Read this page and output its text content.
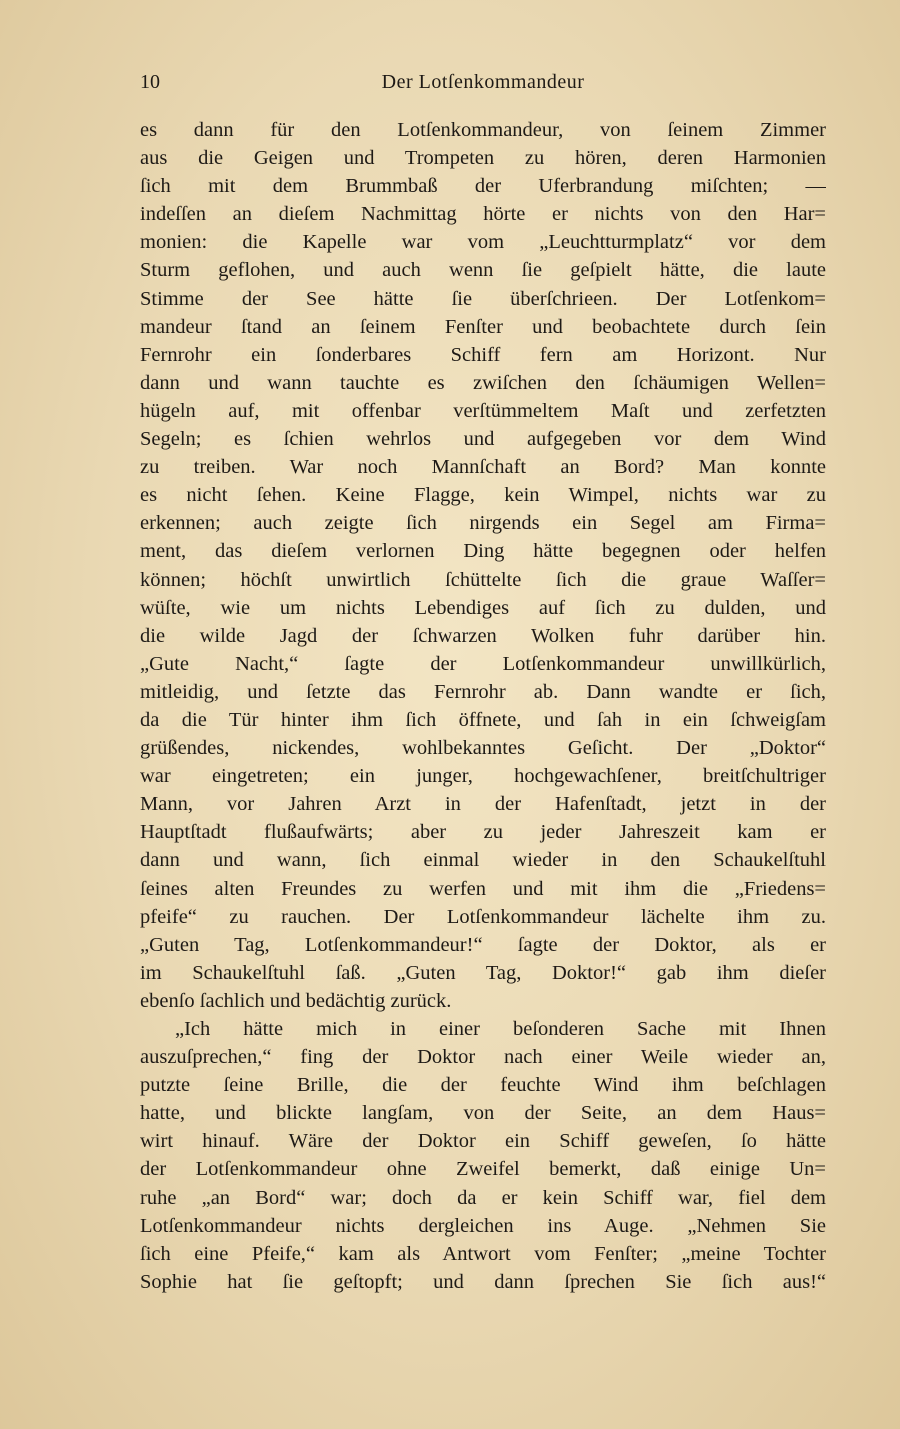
10	Der Lotſenkommandeur
es dann für den Lotſenkommandeur, von ſeinem Zimmer
aus die Geigen und Trompeten zu hören, deren Harmonien
ſich mit dem Brummbaß der Uferbrandung miſchten; —
indeſſen an dieſem Nachmittag hörte er nichts von den Har=
monien: die Kapelle war vom „Leuchtturmplatz“ vor dem
Sturm geflohen, und auch wenn ſie geſpielt hätte, die laute
Stimme der See hätte ſie überſchrieen. Der Lotſenkom=
mandeur ſtand an ſeinem Fenſter und beobachtete durch ſein
Fernrohr ein ſonderbares Schiff fern am Horizont. Nur
dann und wann tauchte es zwiſchen den ſchäumigen Wellen=
hügeln auf, mit offenbar verſtümmeltem Maſt und zerfetzten
Segeln; es ſchien wehrlos und aufgegeben vor dem Wind
zu treiben. War noch Mannſchaft an Bord? Man konnte
es nicht ſehen. Keine Flagge, kein Wimpel, nichts war zu
erkennen; auch zeigte ſich nirgends ein Segel am Firma=
ment, das dieſem verlornen Ding hätte begegnen oder helfen
können; höchſt unwirtlich ſchüttelte ſich die graue Waſſer=
wüſte, wie um nichts Lebendiges auf ſich zu dulden, und
die wilde Jagd der ſchwarzen Wolken fuhr darüber hin.
„Gute Nacht,“ ſagte der Lotſenkommandeur unwillkürlich,
mitleidig, und ſetzte das Fernrohr ab. Dann wandte er ſich,
da die Tür hinter ihm ſich öffnete, und ſah in ein ſchweigſam
grüßendes, nickendes, wohlbekanntes Geſicht. Der „Doktor“
war eingetreten; ein junger, hochgewachſener, breitſchultriger
Mann, vor Jahren Arzt in der Hafenſtadt, jetzt in der
Hauptſtadt flußaufwärts; aber zu jeder Jahreszeit kam er
dann und wann, ſich einmal wieder in den Schaukelſtuhl
ſeines alten Freundes zu werfen und mit ihm die „Friedens=
pfeife“ zu rauchen. Der Lotſenkommandeur lächelte ihm zu.
„Guten Tag, Lotſenkommandeur!“ ſagte der Doktor, als er
im Schaukelſtuhl ſaß. „Guten Tag, Doktor!“ gab ihm dieſer
ebenſo ſachlich und bedächtig zurück.
„Ich hätte mich in einer beſonderen Sache mit Ihnen
auszuſprechen,“ fing der Doktor nach einer Weile wieder an,
putzte ſeine Brille, die der feuchte Wind ihm beſchlagen
hatte, und blickte langſam, von der Seite, an dem Haus=
wirt hinauf. Wäre der Doktor ein Schiff geweſen, ſo hätte
der Lotſenkommandeur ohne Zweifel bemerkt, daß einige Un=
ruhe „an Bord“ war; doch da er kein Schiff war, fiel dem
Lotſenkommandeur nichts dergleichen ins Auge. „Nehmen Sie
ſich eine Pfeife,“ kam als Antwort vom Fenſter; „meine Tochter
Sophie hat ſie geſtopft; und dann ſprechen Sie ſich aus!“
